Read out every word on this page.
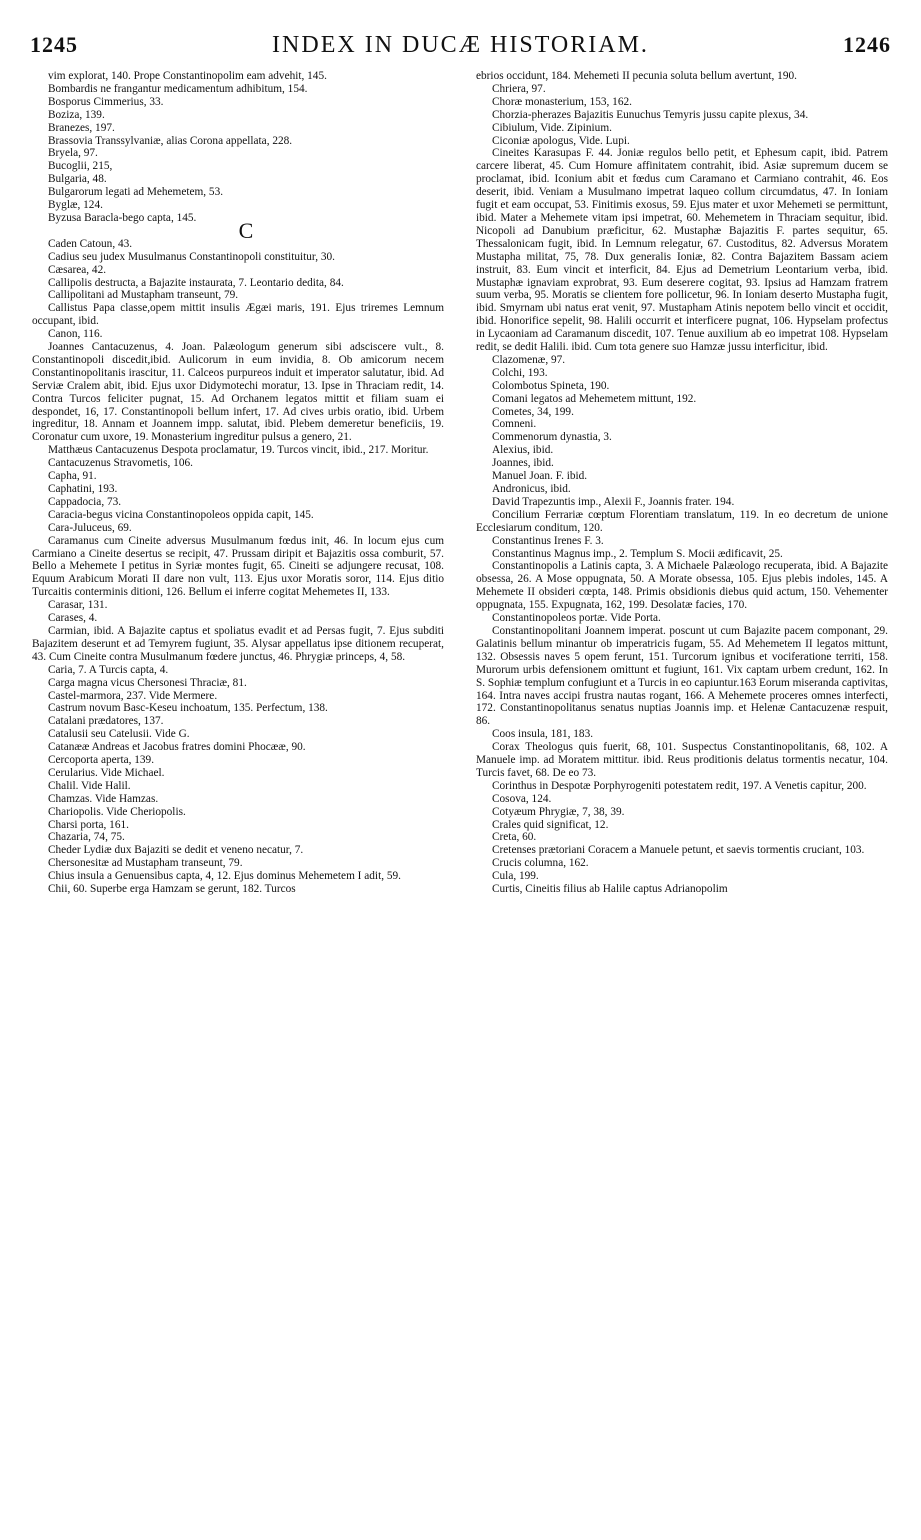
1245	INDEX IN DUCÆ HISTORIAM.	1246

vim explorat, 140. Prope Constantinopolim eam advehit, 145.

Bombardis ne frangantur medicamentum adhibitum, 154.

Bosporus Cimmerius, 33.

Boziza, 139.

Branezes, 197.

Brassovia Transsylvaniæ, alias Corona appellata, 228.

Bryela, 97.

Bucoglii, 215,

Bulgaria, 48.

Bulgarorum legati ad Mehemetem, 53.

Byglæ, 124.

Byzusa Baracla-bego capta, 145.	C

Caden Catoun, 43.

Cadius seu judex Musulmanus Constantinopoli constituitur, 30.

Cæsarea, 42.

Callipolis destructa, a Bajazite instaurata, 7. Leontario dedita, 84.

Callipolitani ad Mustapham transeunt, 79.

Callistus Papa classe,opem mittit insulis Ægæi maris, 191. Ejus triremes Lemnum occupant, ibid.

Canon, 116.

Joannes Cantacuzenus, 4. Joan. Palæologum generum sibi adsciscere vult., 8. Constantinopoli discedit,ibid. Aulicorum in eum invidia, 8. Ob amicorum necem Constantinopolitanis irascitur, 11. Calceos purpureos induit et imperator salutatur, ibid. Ad Serviæ Cralem abit, ibid. Ejus uxor Didymotechi moratur, 13. Ipse in Thraciam redit, 14. Contra Turcos feliciter pugnat, 15. Ad Orchanem legatos mittit et filiam suam ei despondet, 16, 17. Constantinopoli bellum infert, 17. Ad cives urbis oratio, ibid. Urbem ingreditur, 18. Annam et Joannem impp. salutat, ibid. Plebem demeretur beneficiis, 19. Coronatur cum uxore, 19. Monasterium ingreditur pulsus a genero, 21.

Matthæus Cantacuzenus Despota proclamatur, 19. Turcos vincit, ibid., 217. Moritur.

Cantacuzenus Stravometis, 106.

Capha, 91.

Caphatini, 193.

Cappadocia, 73.

Caracia-begus vicina Constantinopoleos oppida capit, 145.

Cara-Juluceus, 69.

Caramanus cum Cineite adversus Musulmanum fœdus init, 46. In locum ejus cum Carmiano a Cineite desertus se recipit, 47. Prussam diripit et Bajazitis ossa comburit, 57. Bello a Mehemete I petitus in Syriæ montes fugit, 65. Cineiti se adjungere recusat, 108. Equum Arabicum Morati II dare non vult, 113. Ejus uxor Moratis soror, 114. Ejus ditio Turcaitis conterminis ditioni, 126. Bellum ei inferre cogitat Mehemetes II, 133.

Carasar, 131.

Carases, 4.

Carmian, ibid. A Bajazite captus et spoliatus evadit et ad Persas fugit, 7. Ejus subditi Bajazitem deserunt et ad Temyrem fugiunt, 35. Alysar appellatus ipse ditionem recuperat, 43. Cum Cineite contra Musulmanum fœdere junctus, 46. Phrygiæ princeps, 4, 58.

Caria, 7. A Turcis capta, 4.

Carga magna vicus Chersonesi Thraciæ, 81.

Castel-marmora, 237. Vide Mermere.

Castrum novum Basc-Keseu inchoatum, 135. Perfectum, 138.

Catalani prædatores, 137.

Catalusii seu Catelusii. Vide G.

Catanææ Andreas et Jacobus fratres domini Phocææ, 90.

Cercoporta aperta, 139.

Cerularius. Vide Michael.

Chalil. Vide Halil.

Chamzas. Vide Hamzas.

Chariopolis. Vide Cheriopolis.

Charsi porta, 161.

Chazaria, 74, 75.

Cheder Lydiæ dux Bajaziti se dedit et veneno necatur, 7.

Chersonesitæ ad Mustapham transeunt, 79.

Chius insula a Genuensibus capta, 4, 12. Ejus dominus Mehemetem I adit, 59.

Chii, 60. Superbe erga Hamzam se gerunt, 182. Turcos

ebrios occidunt, 184. Mehemeti II pecunia soluta bellum avertunt, 190.

Chriera, 97.

Choræ monasterium, 153, 162.

Chorzia-pherazes Bajazitis Eunuchus Temyris jussu capite plexus, 34.

Cibiulum, Vide. Zipinium.

Ciconiæ apologus, Vide. Lupi.

Cineites Karasupas F. 44. Joniæ regulos bello petit, et Ephesum capit, ibid. Patrem carcere liberat, 45. Cum Homure affinitatem contrahit, ibid. Asiæ supremum ducem se proclamat, ibid. Iconium abit et fœdus cum Caramano et Carmiano contrahit, 46. Eos deserit, ibid. Veniam a Musulmano impetrat laqueo collum circumdatus, 47. In Ioniam fugit et eam occupat, 53. Finitimis exosus, 59. Ejus mater et uxor Mehemeti se permittunt, ibid. Mater a Mehemete vitam ipsi impetrat, 60. Mehemetem in Thraciam sequitur, ibid. Nicopoli ad Danubium præficitur, 62. Mustaphæ Bajazitis F. partes sequitur, 65. Thessalonicam fugit, ibid. In Lemnum relegatur, 67. Custoditus, 82. Adversus Moratem Mustapha militat, 75, 78. Dux generalis Ioniæ, 82. Contra Bajazitem Bassam aciem instruit, 83. Eum vincit et interficit, 84. Ejus ad Demetrium Leontarium verba, ibid. Mustaphæ ignaviam exprobrat, 93. Eum deserere cogitat, 93. Ipsius ad Hamzam fratrem suum verba, 95. Moratis se clientem fore pollicetur, 96. In Ioniam deserto Mustapha fugit, ibid. Smyrnam ubi natus erat venit, 97. Mustapham Atinis nepotem bello vincit et occidit, ibid. Honorifice sepelit, 98. Halili occurrit et interficere pugnat, 106. Hypselam profectus in Lycaoniam ad Caramanum discedit, 107. Tenue auxilium ab eo impetrat 108. Hypselam redit, se dedit Halili. ibid. Cum tota genere suo Hamzæ jussu interficitur, ibid.

Clazomenæ, 97.

Colchi, 193.

Colombotus Spineta, 190.

Comani legatos ad Mehemetem mittunt, 192.

Cometes, 34, 199.

Comneni.

Commenorum dynastia, 3.

Alexius, ibid.

Joannes, ibid.

Manuel Joan. F. ibid.

Andronicus, ibid.

David Trapezuntis imp., Alexii F., Joannis frater. 194.

Concilium Ferrariæ cœptum Florentiam translatum, 119. In eo decretum de unione Ecclesiarum conditum, 120.

Constantinus Irenes F. 3.

Constantinus Magnus imp., 2. Templum S. Mocii ædificavit, 25.

Constantinopolis a Latinis capta, 3. A Michaele Palæologo recuperata, ibid. A Bajazite obsessa, 26. A Mose oppugnata, 50. A Morate obsessa, 105. Ejus plebis indoles, 145. A Mehemete II obsideri cœpta, 148. Primis obsidionis diebus quid actum, 150. Vehementer oppugnata, 155. Expugnata, 162, 199. Desolatæ facies, 170.

Constantinopoleos portæ. Vide Porta.

Constantinopolitani Joannem imperat. poscunt ut cum Bajazite pacem componant, 29. Galatinis bellum minantur ob imperatricis fugam, 55. Ad Mehemetem II legatos mittunt, 132. Obsessis naves 5 opem ferunt, 151. Turcorum ignibus et vociferatione territi, 158. Murorum urbis defensionem omittunt et fugiunt, 161. Vix captam urbem credunt, 162. In S. Sophiæ templum confugiunt et a Turcis in eo capiuntur.163 Eorum miseranda captivitas, 164. Intra naves accipi frustra nautas rogant, 166. A Mehemete proceres omnes interfecti, 172. Constantinopolitanus senatus nuptias Joannis imp. et Helenæ Cantacuzenæ respuit, 86.

Coos insula, 181, 183.

Corax Theologus quis fuerit, 68, 101. Suspectus Constantinopolitanis, 68, 102. A Manuele imp. ad Moratem mittitur. ibid. Reus proditionis delatus tormentis necatur, 104. Turcis favet, 68. De eo 73.

Corinthus in Despotæ Porphyrogeniti potestatem redit, 197. A Venetis capitur, 200.

Cosova, 124.

Cotyæum Phrygiæ, 7, 38, 39.

Crales quid significat, 12.

Creta, 60.

Cretenses prætoriani Coracem a Manuele petunt, et saevis tormentis cruciant, 103.

Crucis columna, 162.

Cula, 199.

Curtis, Cineitis filius ab Halile captus Adrianopolim
